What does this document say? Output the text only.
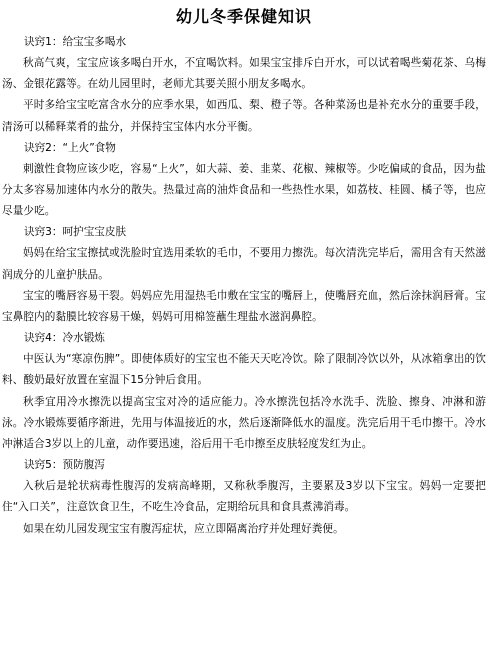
幼儿冬季保健知识

诀窍1：给宝宝多喝水

秋高气爽，宝宝应该多喝白开水，不宜喝饮料。如果宝宝排斥白开水，可以试着喝些菊花茶、乌梅汤、金银花露等。在幼儿园里时，老师尤其要关照小朋友多喝水。

平时多给宝宝吃富含水分的应季水果，如西瓜、梨、橙子等。各种菜汤也是补充水分的重要手段，清汤可以稀释菜肴的盐分，并保持宝宝体内水分平衡。

诀窍2：“上火”食物

刺激性食物应该少吃，容易“上火”，如大蒜、姜、韭菜、花椒、辣椒等。少吃偏咸的食品，因为盐分太多容易加速体内水分的散失。热量过高的油炸食品和一些热性水果，如荔枝、桂圆、橘子等，也应尽量少吃。

诀窍3：呵护宝宝皮肤

妈妈在给宝宝擦拭或洗脸时宜选用柔软的毛巾，不要用力擦洗。每次清洗完毕后，需用含有天然滋润成分的儿童护肤品。

宝宝的嘴唇容易干裂。妈妈应先用湿热毛巾敷在宝宝的嘴唇上，使嘴唇充血，然后涂抹润唇膏。宝宝鼻腔内的黏膜比较容易干燥，妈妈可用棉签蘸生理盐水滋润鼻腔。

诀窍4：冷水锻炼

中医认为“寒凉伤脾”。即使体质好的宝宝也不能天天吃冷饮。除了限制冷饮以外，从冰箱拿出的饮料、酸奶最好放置在室温下15分钟后食用。

秋季宜用冷水擦洗以提高宝宝对冷的适应能力。冷水擦洗包括冷水洗手、洗脸、擦身、冲淋和游泳。冷水锻炼要循序渐进，先用与体温接近的水，然后逐渐降低水的温度。洗完后用干毛巾擦干。冷水冲淋适合3岁以上的儿童，动作要迅速，浴后用干毛巾擦至皮肤轻度发红为止。

诀窍5：预防腹泻

入秋后是轮状病毒性腹泻的发病高峰期，又称秋季腹泻，主要累及3岁以下宝宝。妈妈一定要把住“入口关”，注意饮食卫生，不吃生冷食品，定期给玩具和食具煮沸消毒。

如果在幼儿园发现宝宝有腹泻症状，应立即隔离治疗并处理好粪便。
